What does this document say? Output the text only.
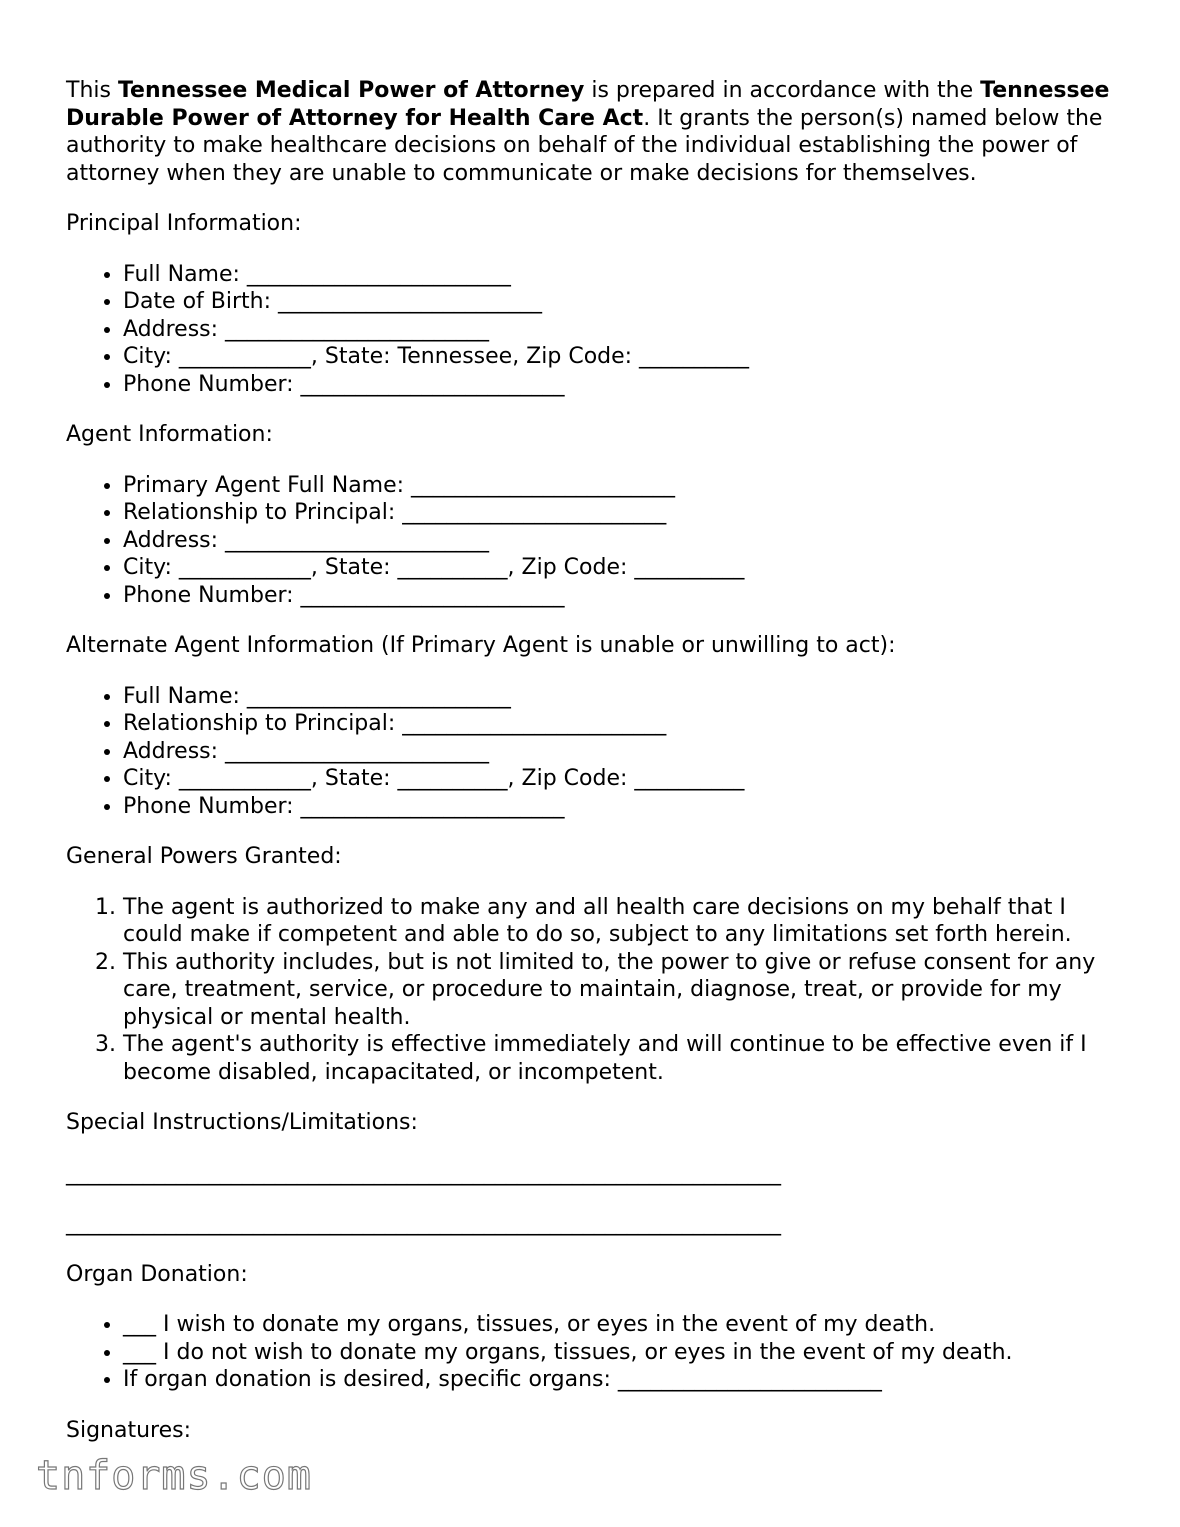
This Tennessee Medical Power of Attorney is prepared in accordance with the Tennessee Durable Power of Attorney for Health Care Act. It grants the person(s) named below the authority to make healthcare decisions on behalf of the individual establishing the power of attorney when they are unable to communicate or make decisions for themselves.

Principal Information:

• Full Name: ________________________
• Date of Birth: ________________________
• Address: ________________________
• City: ____________, State: Tennessee, Zip Code: __________
• Phone Number: ________________________

Agent Information:

• Primary Agent Full Name: ________________________
• Relationship to Principal: ________________________
• Address: ________________________
• City: ____________, State: __________, Zip Code: __________
• Phone Number: ________________________

Alternate Agent Information (If Primary Agent is unable or unwilling to act):

• Full Name: ________________________
• Relationship to Principal: ________________________
• Address: ________________________
• City: ____________, State: __________, Zip Code: __________
• Phone Number: ________________________

General Powers Granted:

1. The agent is authorized to make any and all health care decisions on my behalf that I could make if competent and able to do so, subject to any limitations set forth herein.
2. This authority includes, but is not limited to, the power to give or refuse consent for any care, treatment, service, or procedure to maintain, diagnose, treat, or provide for my physical or mental health.
3. The agent's authority is effective immediately and will continue to be effective even if I become disabled, incapacitated, or incompetent.

Special Instructions/Limitations:

_________________________________________________________________

_________________________________________________________________

Organ Donation:

• ___ I wish to donate my organs, tissues, or eyes in the event of my death.
• ___ I do not wish to donate my organs, tissues, or eyes in the event of my death.
• If organ donation is desired, specific organs: ________________________

Signatures:

tnforms.com
